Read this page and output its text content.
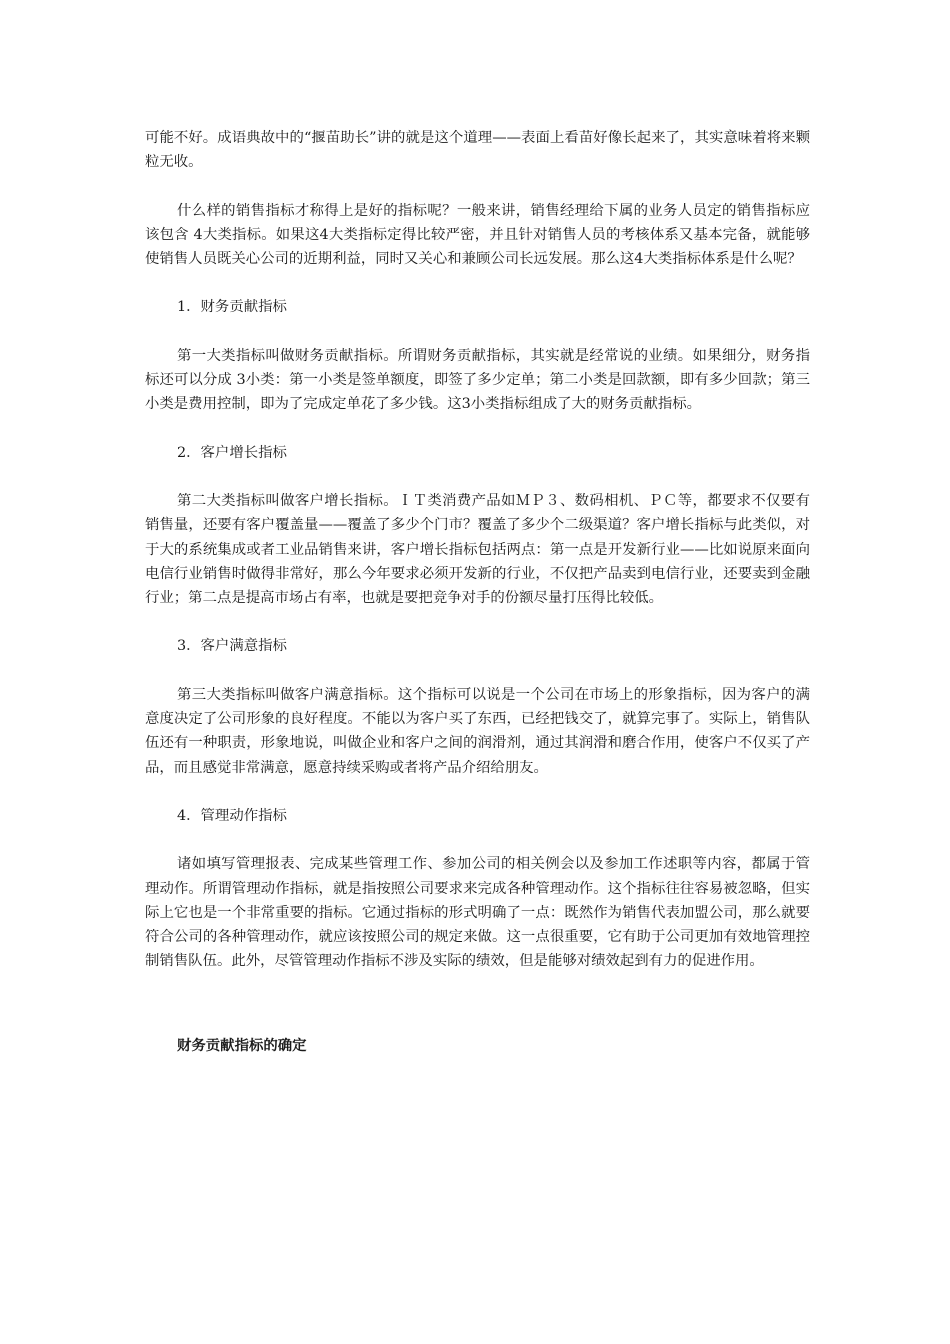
可能不好。成语典故中的“揠苗助长”讲的就是这个道理——表面上看苗好像长起来了，其实意味着将来颗粒无收。

什么样的销售指标才称得上是好的指标呢？一般来讲，销售经理给下属的业务人员定的销售指标应该包含 4大类指标。如果这4大类指标定得比较严密，并且针对销售人员的考核体系又基本完备，就能够使销售人员既关心公司的近期利益，同时又关心和兼顾公司长远发展。那么这4大类指标体系是什么呢？

1．财务贡献指标

第一大类指标叫做财务贡献指标。所谓财务贡献指标，其实就是经常说的业绩。如果细分，财务指标还可以分成 3小类：第一小类是签单额度，即签了多少定单；第二小类是回款额，即有多少回款；第三小类是费用控制，即为了完成定单花了多少钱。这3小类指标组成了大的财务贡献指标。

2．客户增长指标

第二大类指标叫做客户增长指标。ＩＴ类消费产品如ＭＰ３、数码相机、ＰＣ等，都要求不仅要有销售量，还要有客户覆盖量——覆盖了多少个门市？覆盖了多少个二级渠道？客户增长指标与此类似，对于大的系统集成或者工业品销售来讲，客户增长指标包括两点：第一点是开发新行业——比如说原来面向电信行业销售时做得非常好，那么今年要求必须开发新的行业，不仅把产品卖到电信行业，还要卖到金融行业；第二点是提高市场占有率，也就是要把竞争对手的份额尽量打压得比较低。

3．客户满意指标

第三大类指标叫做客户满意指标。这个指标可以说是一个公司在市场上的形象指标，因为客户的满意度决定了公司形象的良好程度。不能以为客户买了东西，已经把钱交了，就算完事了。实际上，销售队伍还有一种职责，形象地说，叫做企业和客户之间的润滑剂，通过其润滑和磨合作用，使客户不仅买了产品，而且感觉非常满意，愿意持续采购或者将产品介绍给朋友。

4．管理动作指标

诸如填写管理报表、完成某些管理工作、参加公司的相关例会以及参加工作述职等内容，都属于管理动作。所谓管理动作指标，就是指按照公司要求来完成各种管理动作。这个指标往往容易被忽略，但实际上它也是一个非常重要的指标。它通过指标的形式明确了一点：既然作为销售代表加盟公司，那么就要符合公司的各种管理动作，就应该按照公司的规定来做。这一点很重要，它有助于公司更加有效地管理控制销售队伍。此外，尽管管理动作指标不涉及实际的绩效，但是能够对绩效起到有力的促进作用。

财务贡献指标的确定
